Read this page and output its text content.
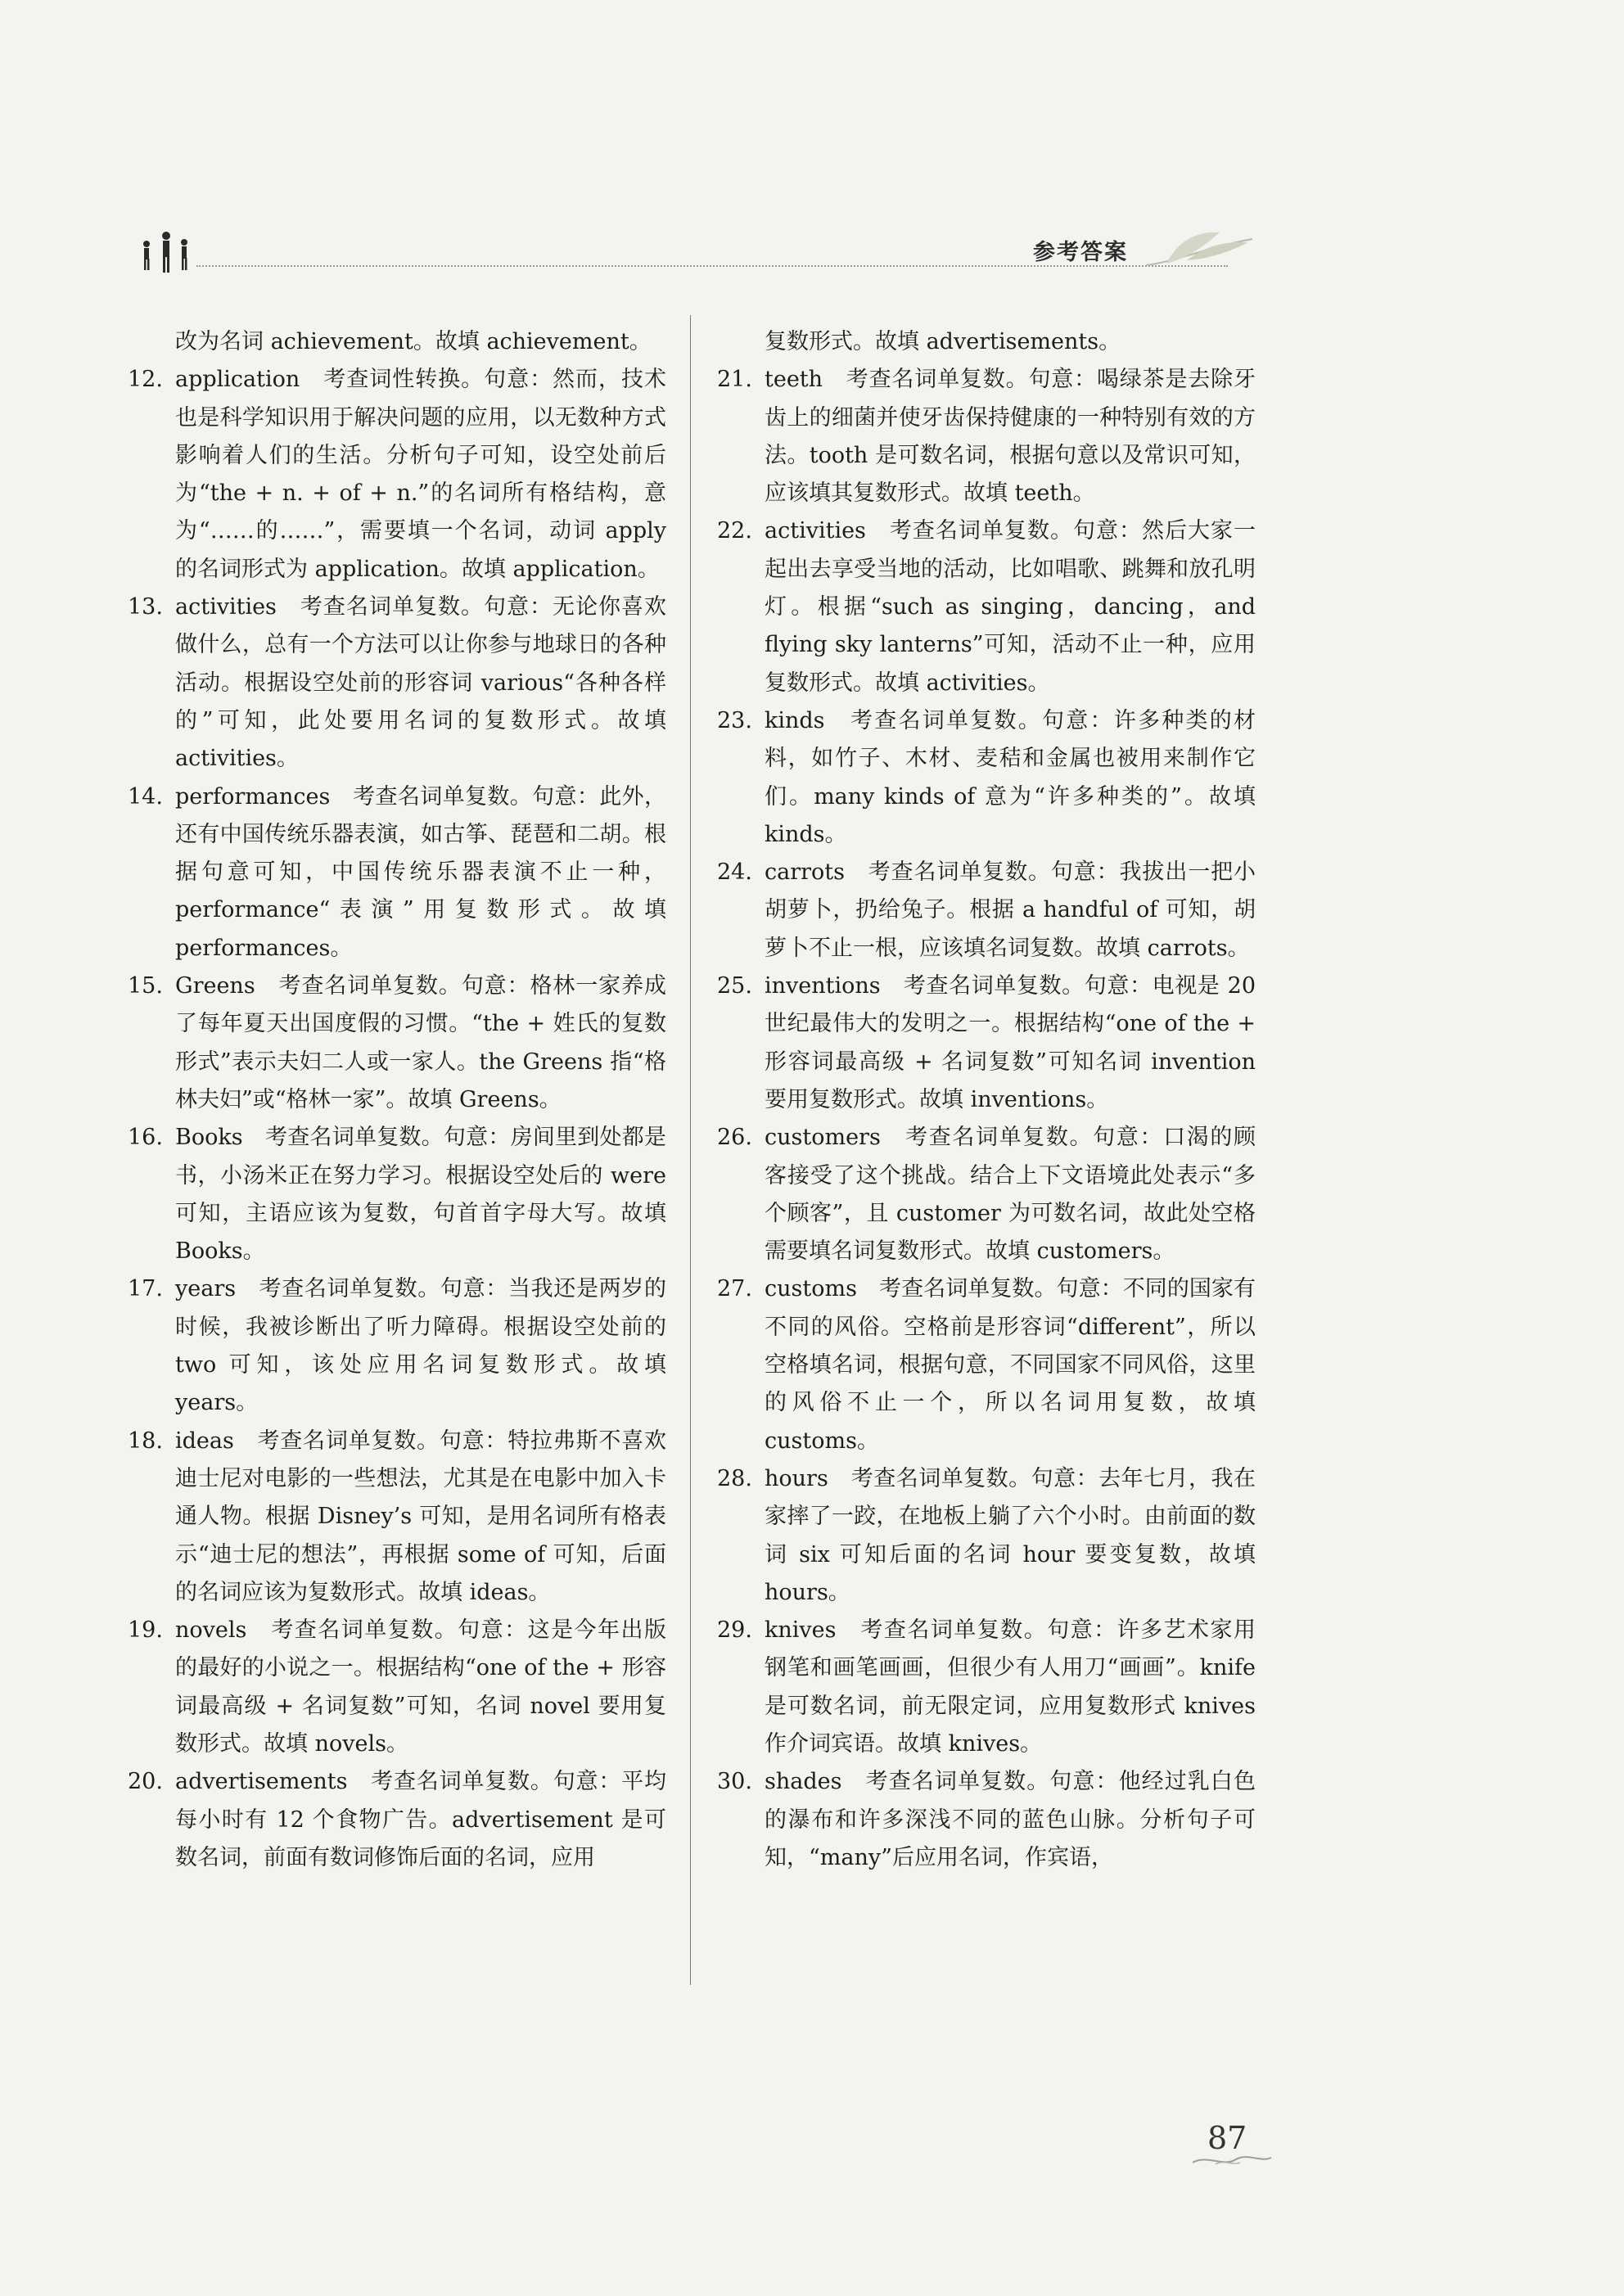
参考答案

改为名词 achievement。故填 achievement。

12. application　考查词性转换。句意：然而，技术也是科学知识用于解决问题的应用，以无数种方式影响着人们的生活。分析句子可知，设空处前后为“the + n. + of + n.”的名词所有格结构，意为“……的……”，需要填一个名词，动词 apply 的名词形式为 application。故填 application。

13. activities　考查名词单复数。句意：无论你喜欢做什么，总有一个方法可以让你参与地球日的各种活动。根据设空处前的形容词 various“各种各样的”可知，此处要用名词的复数形式。故填 activities。

14. performances　考查名词单复数。句意：此外，还有中国传统乐器表演，如古筝、琵琶和二胡。根据句意可知，中国传统乐器表演不止一种，performance“表演”用复数形式。故填 performances。

15. Greens　考查名词单复数。句意：格林一家养成了每年夏天出国度假的习惯。“the + 姓氏的复数形式”表示夫妇二人或一家人。the Greens 指“格林夫妇”或“格林一家”。故填 Greens。

16. Books　考查名词单复数。句意：房间里到处都是书，小汤米正在努力学习。根据设空处后的 were 可知，主语应该为复数，句首首字母大写。故填 Books。

17. years　考查名词单复数。句意：当我还是两岁的时候，我被诊断出了听力障碍。根据设空处前的 two 可知，该处应用名词复数形式。故填 years。

18. ideas　考查名词单复数。句意：特拉弗斯不喜欢迪士尼对电影的一些想法，尤其是在电影中加入卡通人物。根据 Disney’s 可知，是用名词所有格表示“迪士尼的想法”，再根据 some of 可知，后面的名词应该为复数形式。故填 ideas。

19. novels　考查名词单复数。句意：这是今年出版的最好的小说之一。根据结构“one of the + 形容词最高级 + 名词复数”可知，名词 novel 要用复数形式。故填 novels。

20. advertisements　考查名词单复数。句意：平均每小时有 12 个食物广告。advertisement 是可数名词，前面有数词修饰后面的名词，应用

复数形式。故填 advertisements。

21. teeth　考查名词单复数。句意：喝绿茶是去除牙齿上的细菌并使牙齿保持健康的一种特别有效的方法。tooth 是可数名词，根据句意以及常识可知，应该填其复数形式。故填 teeth。

22. activities　考查名词单复数。句意：然后大家一起出去享受当地的活动，比如唱歌、跳舞和放孔明灯。根据“such as singing，dancing，and flying sky lanterns”可知，活动不止一种，应用复数形式。故填 activities。

23. kinds　考查名词单复数。句意：许多种类的材料，如竹子、木材、麦秸和金属也被用来制作它们。many kinds of 意为“许多种类的”。故填 kinds。

24. carrots　考查名词单复数。句意：我拔出一把小胡萝卜，扔给兔子。根据 a handful of 可知，胡萝卜不止一根，应该填名词复数。故填 carrots。

25. inventions　考查名词单复数。句意：电视是 20 世纪最伟大的发明之一。根据结构“one of the + 形容词最高级 + 名词复数”可知名词 invention 要用复数形式。故填 inventions。

26. customers　考查名词单复数。句意：口渴的顾客接受了这个挑战。结合上下文语境此处表示“多个顾客”，且 customer 为可数名词，故此处空格需要填名词复数形式。故填 customers。

27. customs　考查名词单复数。句意：不同的国家有不同的风俗。空格前是形容词“different”，所以空格填名词，根据句意，不同国家不同风俗，这里的风俗不止一个，所以名词用复数，故填 customs。

28. hours　考查名词单复数。句意：去年七月，我在家摔了一跤，在地板上躺了六个小时。由前面的数词 six 可知后面的名词 hour 要变复数，故填 hours。

29. knives　考查名词单复数。句意：许多艺术家用钢笔和画笔画画，但很少有人用刀“画画”。knife 是可数名词，前无限定词，应用复数形式 knives 作介词宾语。故填 knives。

30. shades　考查名词单复数。句意：他经过乳白色的瀑布和许多深浅不同的蓝色山脉。分析句子可知，“many”后应用名词，作宾语，

87
